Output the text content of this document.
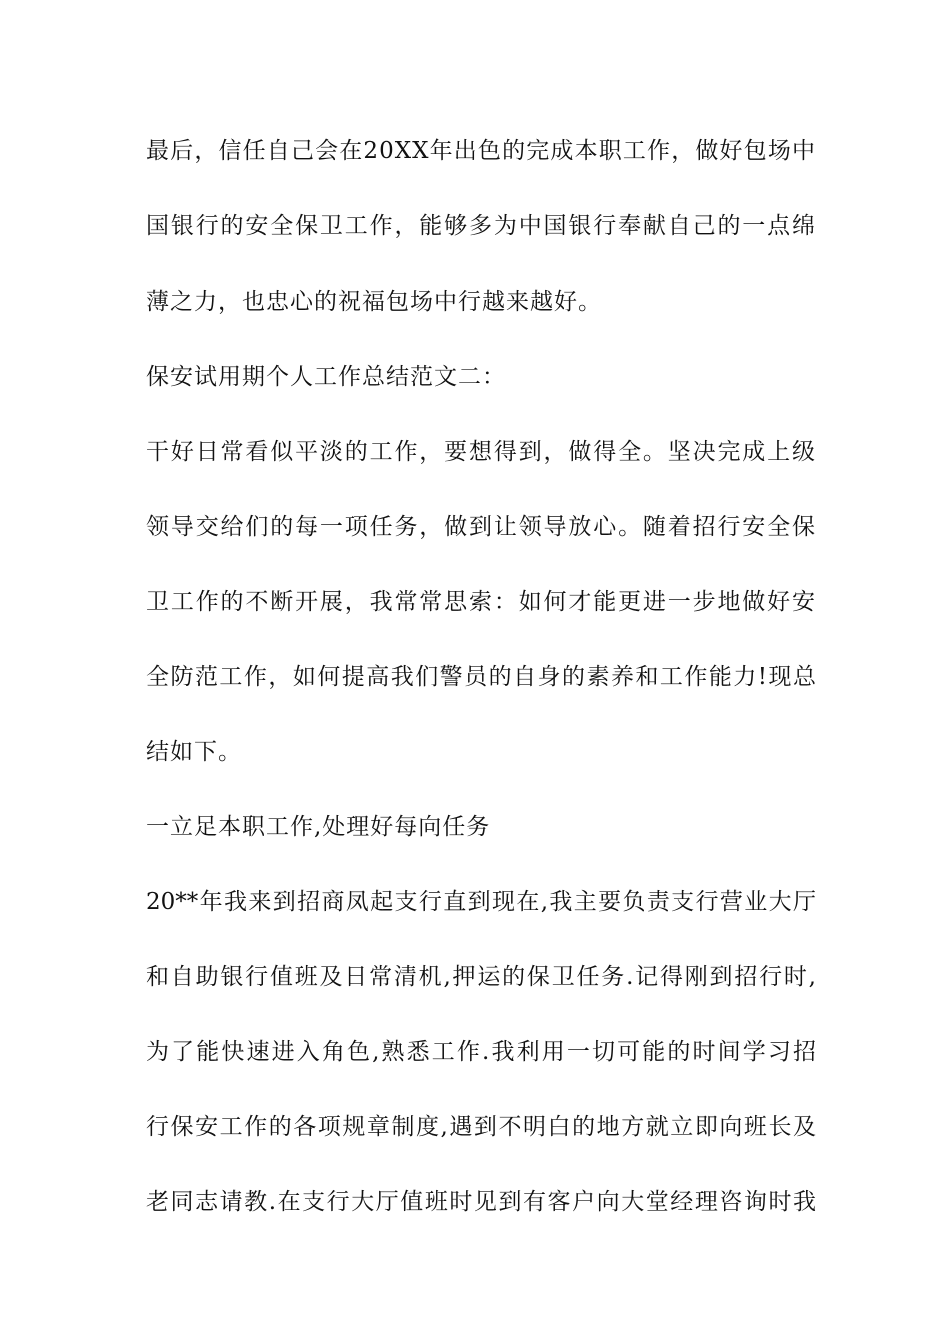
最后，信任自己会在20XX年出色的完成本职工作，做好包场中
国银行的安全保卫工作，能够多为中国银行奉献自己的一点绵
薄之力，也忠心的祝福包场中行越来越好。
保安试用期个人工作总结范文二：
干好日常看似平淡的工作，要想得到，做得全。坚决完成上级
领导交给们的每一项任务，做到让领导放心。随着招行安全保
卫工作的不断开展，我常常思索：如何才能更进一步地做好安
全防范工作，如何提高我们警员的自身的素养和工作能力!现总
结如下。
一立足本职工作,处理好每向任务
20**年我来到招商凤起支行直到现在,我主要负责支行营业大厅
和自助银行值班及日常清机,押运的保卫任务.记得刚到招行时,
为了能快速进入角色,熟悉工作.我利用一切可能的时间学习招
行保安工作的各项规章制度,遇到不明白的地方就立即向班长及
老同志请教.在支行大厅值班时见到有客户向大堂经理咨询时我
